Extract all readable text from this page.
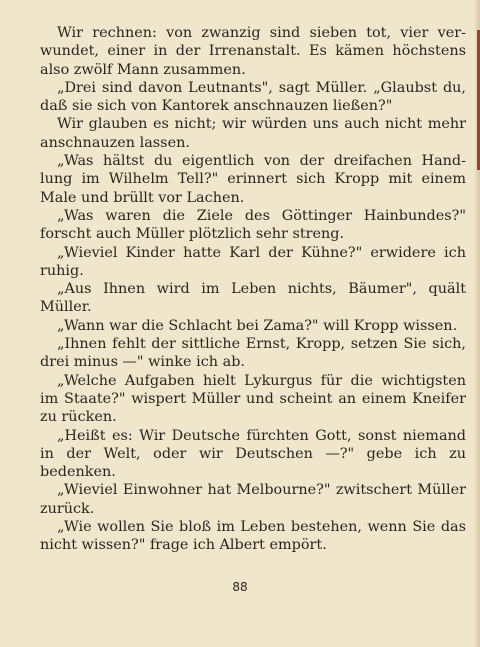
Wir rechnen: von zwanzig sind sieben tot, vier ver- wundet, einer in der Irrenanstalt. Es kämen höchstens also zwölf Mann zusammen.

„Drei sind davon Leutnants", sagt Müller. „Glaubst du, daß sie sich von Kantorek anschnauzen ließen?"

Wir glauben es nicht; wir würden uns auch nicht mehr anschnauzen lassen.

„Was hältst du eigentlich von der dreifachen Hand- lung im Wilhelm Tell?" erinnert sich Kropp mit einem Male und brüllt vor Lachen.

„Was waren die Ziele des Göttinger Hainbundes?" forscht auch Müller plötzlich sehr streng.

„Wieviel Kinder hatte Karl der Kühne?" erwidere ich ruhig.

„Aus Ihnen wird im Leben nichts, Bäumer", quält Müller.

„Wann war die Schlacht bei Zama?" will Kropp wissen.

„Ihnen fehlt der sittliche Ernst, Kropp, setzen Sie sich, drei minus —" winke ich ab.

„Welche Aufgaben hielt Lykurgus für die wichtigsten im Staate?" wispert Müller und scheint an einem Kneifer zu rücken.

„Heißt es: Wir Deutsche fürchten Gott, sonst niemand in der Welt, oder wir Deutschen —?" gebe ich zu bedenken.

„Wieviel Einwohner hat Melbourne?" zwitschert Müller zurück.

„Wie wollen Sie bloß im Leben bestehen, wenn Sie das nicht wissen?" frage ich Albert empört.

88
